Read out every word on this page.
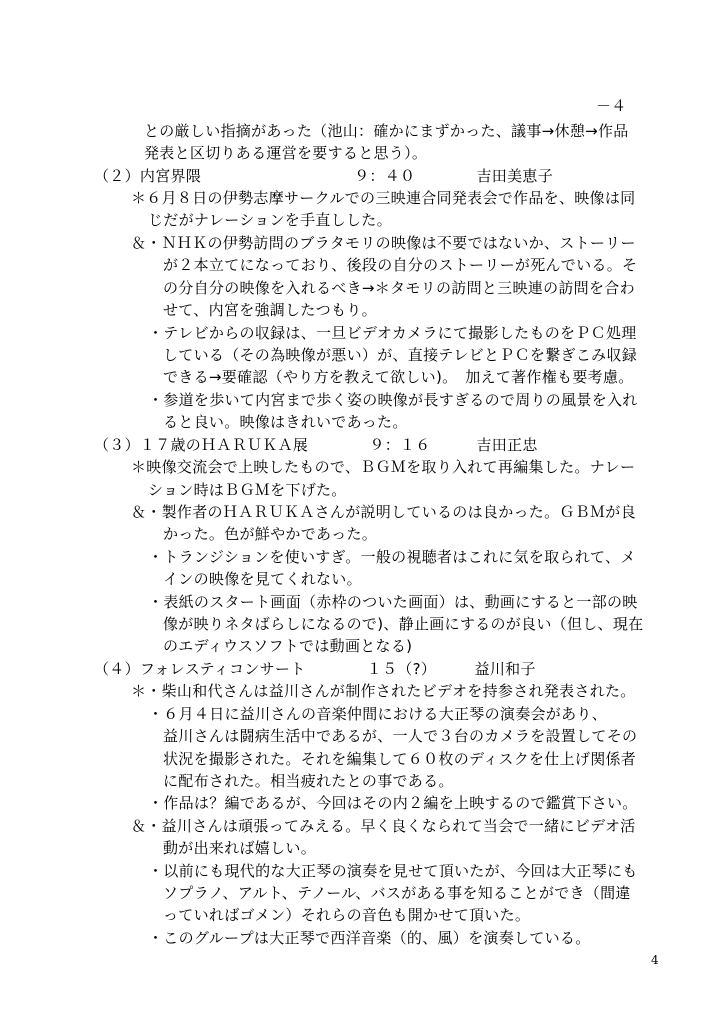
－４
との厳しい指摘があった（池山：確かにまずかった、議事→休憩→作品
発表と区切りある運営を要すると思う）。
（２）内宮界隈　　　　　　　　　　９：４０　　　　吉田美恵子
＊６月８日の伊勢志摩サークルでの三映連合同発表会で作品を、映像は同
じだがナレーションを手直しした。
＆・ＮＨＫの伊勢訪問のブラタモリの映像は不要ではないか、ストーリー
が２本立てになっており、後段の自分のストーリーが死んでいる。そ
の分自分の映像を入れるべき→＊タモリの訪問と三映連の訪問を合わ
せて、内宮を強調したつもり。
・テレビからの収録は、一旦ビデオカメラにて撮影したものをＰＣ処理
している（その為映像が悪い）が、直接テレビとＰＣを繋ぎこみ収録
できる→要確認（やり方を教えて欲しい)。　加えて著作権も要考慮。
・参道を歩いて内宮まで歩く姿の映像が長すぎるので周りの風景を入れ
ると良い。映像はきれいであった。
（３）１７歳のＨＡＲＵＫＡ展　　　　９：１６　　　吉田正忠
＊映像交流会で上映したもので、ＢＧＭを取り入れて再編集した。ナレー
ション時はＢＧＭを下げた。
＆・製作者のＨＡＲＵＫＡさんが説明しているのは良かった。ＧＢＭが良
かった。色が鮮やかであった。
・トランジションを使いすぎ。一般の視聴者はこれに気を取られて、メ
インの映像を見てくれない。
・表紙のスタート画面（赤枠のついた画面）は、動画にすると一部の映
像が映りネタばらしになるので)、静止画にするのが良い（但し、現在
のエディウスソフトでは動画となる)
（４）フォレスティコンサート　　　　１５（?）　　　益川和子
＊・柴山和代さんは益川さんが制作されたビデオを持参され発表された。
・６月４日に益川さんの音楽仲間における大正琴の演奏会があり、
益川さんは闘病生活中であるが、一人で３台のカメラを設置してその
状況を撮影された。それを編集して６０枚のディスクを仕上げ関係者
に配布された。相当疲れたとの事である。
・作品は？編であるが、今回はその内２編を上映するので鑑賞下さい。
＆・益川さんは頑張ってみえる。早く良くなられて当会で一緒にビデオ活
動が出来れば嬉しい。
・以前にも現代的な大正琴の演奏を見せて頂いたが、今回は大正琴にも
ソプラノ、アルト、テノール、バスがある事を知ることができ（間違
っていればゴメン）それらの音色も開かせて頂いた。
・このグループは大正琴で西洋音楽（的、風）を演奏している。
4
